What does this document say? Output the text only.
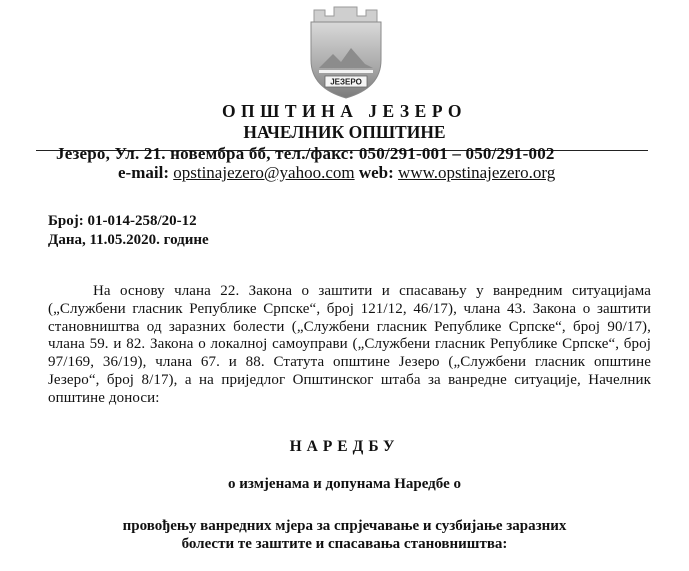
ЈЕЗЕРО
ОПШТИНА ЈЕЗЕРО
НАЧЕЛНИК ОПШТИНЕ
Језеро, Ул. 21. новембра бб, тел./факс: 050/291-001 – 050/291-002
e-mail: opstinajezero@yahoo.com web: www.opstinajezero.org
Број: 01-014-258/20-12
Дана, 11.05.2020. године
На основу члана 22. Закона о заштити и спасавању у ванредним ситуацијама („Службени гласник Републике Српске“, број 121/12, 46/17), члана 43. Закона о заштити становништва од заразних болести („Службени гласник Републике Српске“, број 90/17), члана 59. и 82. Закона о локалној самоуправи („Службени гласник Републике Српске“, број 97/169, 36/19), члана 67. и 88. Статута општине Језеро („Службени гласник општине Језеро“, број 8/17), а на приједлог Општинског штаба за ванредне ситуације, Начелник општине доноси:
НАРЕДБУ
о измјенама и допунама Наредбе о
провођењу ванредних мјера за спрјечавање и сузбијање заразних болести те заштите и спасавања становништва:
